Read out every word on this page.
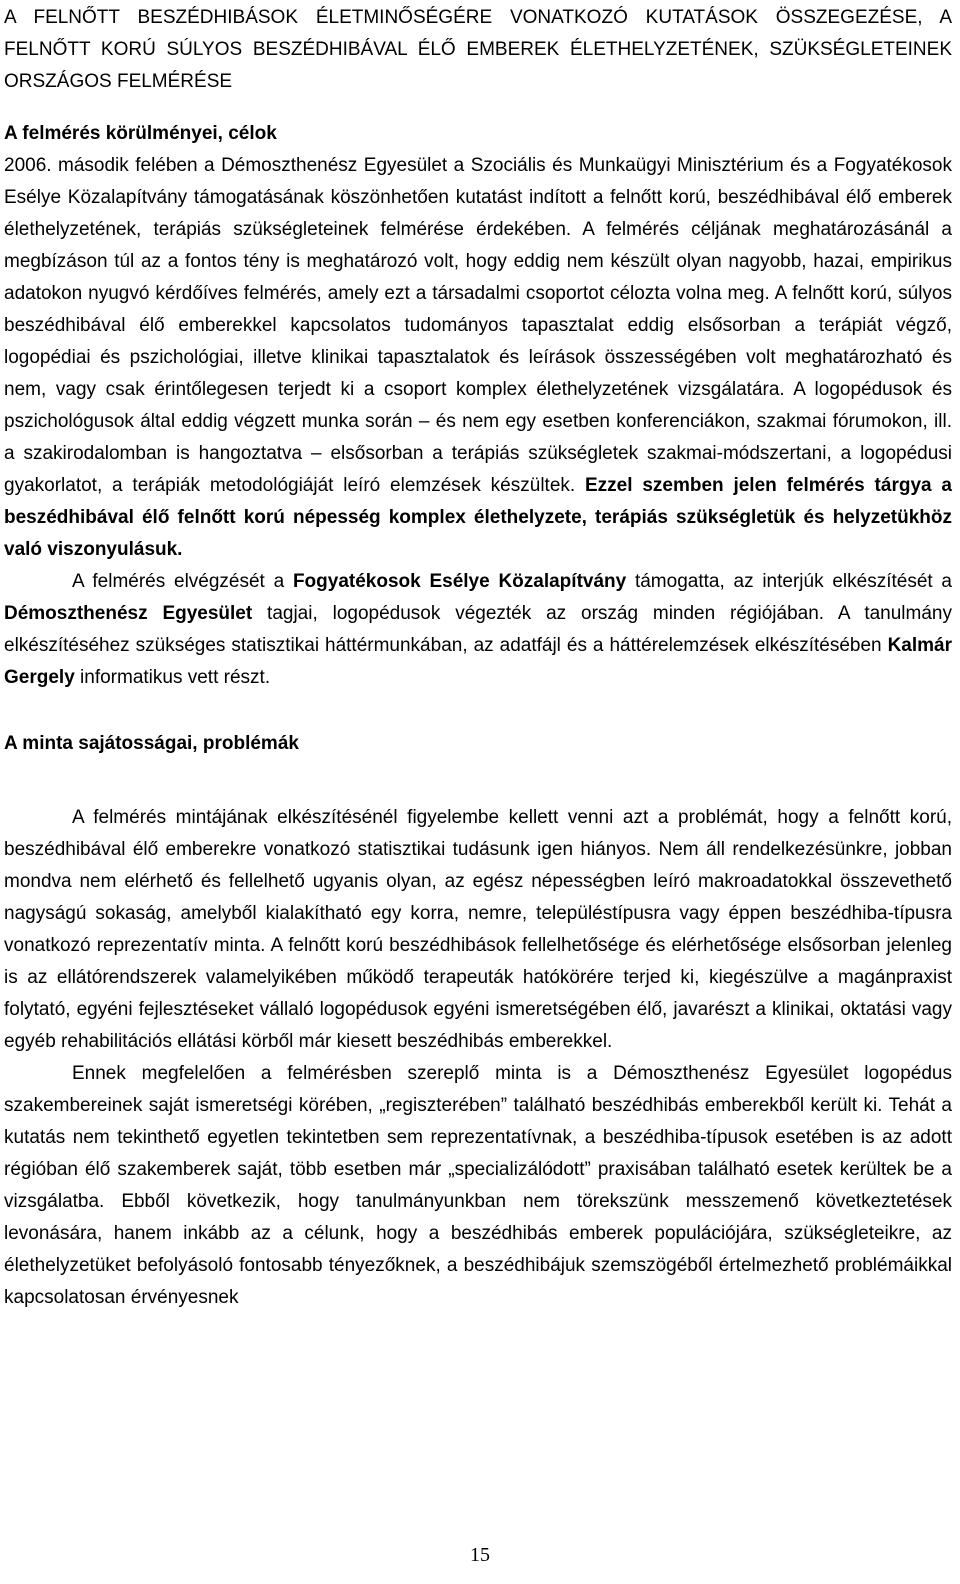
A FELNŐTT BESZÉDHIBÁSOK ÉLETMINŐSÉGÉRE VONATKOZÓ KUTATÁSOK ÖSSZEGEZÉSE, A FELNŐTT KORÚ SÚLYOS BESZÉDHIBÁVAL ÉLŐ EMBEREK ÉLETHELYZETÉNEK, SZÜKSÉGLETEINEK ORSZÁGOS FELMÉRÉSE
A felmérés körülményei, célok

2006. második felében a Démoszthenész Egyesület a Szociális és Munkaügyi Minisztérium és a Fogyatékosok Esélye Közalapítvány támogatásának köszönhetően kutatást indított a felnőtt korú, beszédhibával élő emberek élethelyzetének, terápiás szükségleteinek felmérése érdekében. A felmérés céljának meghatározásánál a megbízáson túl az a fontos tény is meghatározó volt, hogy eddig nem készült olyan nagyobb, hazai, empirikus adatokon nyugvó kérdőíves felmérés, amely ezt a társadalmi csoportot célozta volna meg. A felnőtt korú, súlyos beszédhibával élő emberekkel kapcsolatos tudományos tapasztalat eddig elsősorban a terápiát végző, logopédiai és pszichológiai, illetve klinikai tapasztalatok és leírások összességében volt meghatározható és nem, vagy csak érintőlegesen terjedt ki a csoport komplex élethelyzetének vizsgálatára. A logopédusok és pszichológusok által eddig végzett munka során – és nem egy esetben konferenciákon, szakmai fórumokon, ill. a szakirodalomban is hangoztatva – elsősorban a terápiás szükségletek szakmai-módszertani, a logopédusi gyakorlatot, a terápiák metodológiáját leíró elemzések készültek. Ezzel szemben jelen felmérés tárgya a beszédhibával élő felnőtt korú népesség komplex élethelyzete, terápiás szükségletük és helyzetükhöz való viszonyulásuk.

A felmérés elvégzését a Fogyatékosok Esélye Közalapítvány támogatta, az interjúk elkészítését a Démoszthenész Egyesület tagjai, logopédusok végezték az ország minden régiójában. A tanulmány elkészítéséhez szükséges statisztikai háttérmunkában, az adatfájl és a háttérelemzések elkészítésében Kalmár Gergely informatikus vett részt.

A minta sajátosságai, problémák

A felmérés mintájának elkészítésénél figyelembe kellett venni azt a problémát, hogy a felnőtt korú, beszédhibával élő emberekre vonatkozó statisztikai tudásunk igen hiányos. Nem áll rendelkezésünkre, jobban mondva nem elérhető és fellelhető ugyanis olyan, az egész népességben leíró makroadatokkal összevethető nagyságú sokaság, amelyből kialakítható egy korra, nemre, településtípusra vagy éppen beszédhiba-típusra vonatkozó reprezentatív minta. A felnőtt korú beszédhibások fellelhetősége és elérhetősége elsősorban jelenleg is az ellátórendszerek valamelyikében működő terapeuták hatókörére terjed ki, kiegészülve a magánpraxist folytató, egyéni fejlesztéseket vállaló logopédusok egyéni ismeretségében élő, javarészt a klinikai, oktatási vagy egyéb rehabilitációs ellátási körből már kiesett beszédhibás emberekkel.

Ennek megfelelően a felmérésben szereplő minta is a Démoszthenész Egyesület logopédus szakembereinek saját ismeretségi körében, „regiszterében” található beszédhibás emberekből került ki. Tehát a kutatás nem tekinthető egyetlen tekintetben sem reprezentatívnak, a beszédhiba-típusok esetében is az adott régióban élő szakemberek saját, több esetben már „specializálódott” praxisában található esetek kerültek be a vizsgálatba. Ebből következik, hogy tanulmányunkban nem törekszünk messzemenő következtetések levonására, hanem inkább az a célunk, hogy a beszédhibás emberek populációjára, szükségleteikre, az élethelyzetüket befolyásoló fontosabb tényezőknek, a beszédhibájuk szemszögéből értelmezhető problémáikkal kapcsolatosan érvényesnek

15
